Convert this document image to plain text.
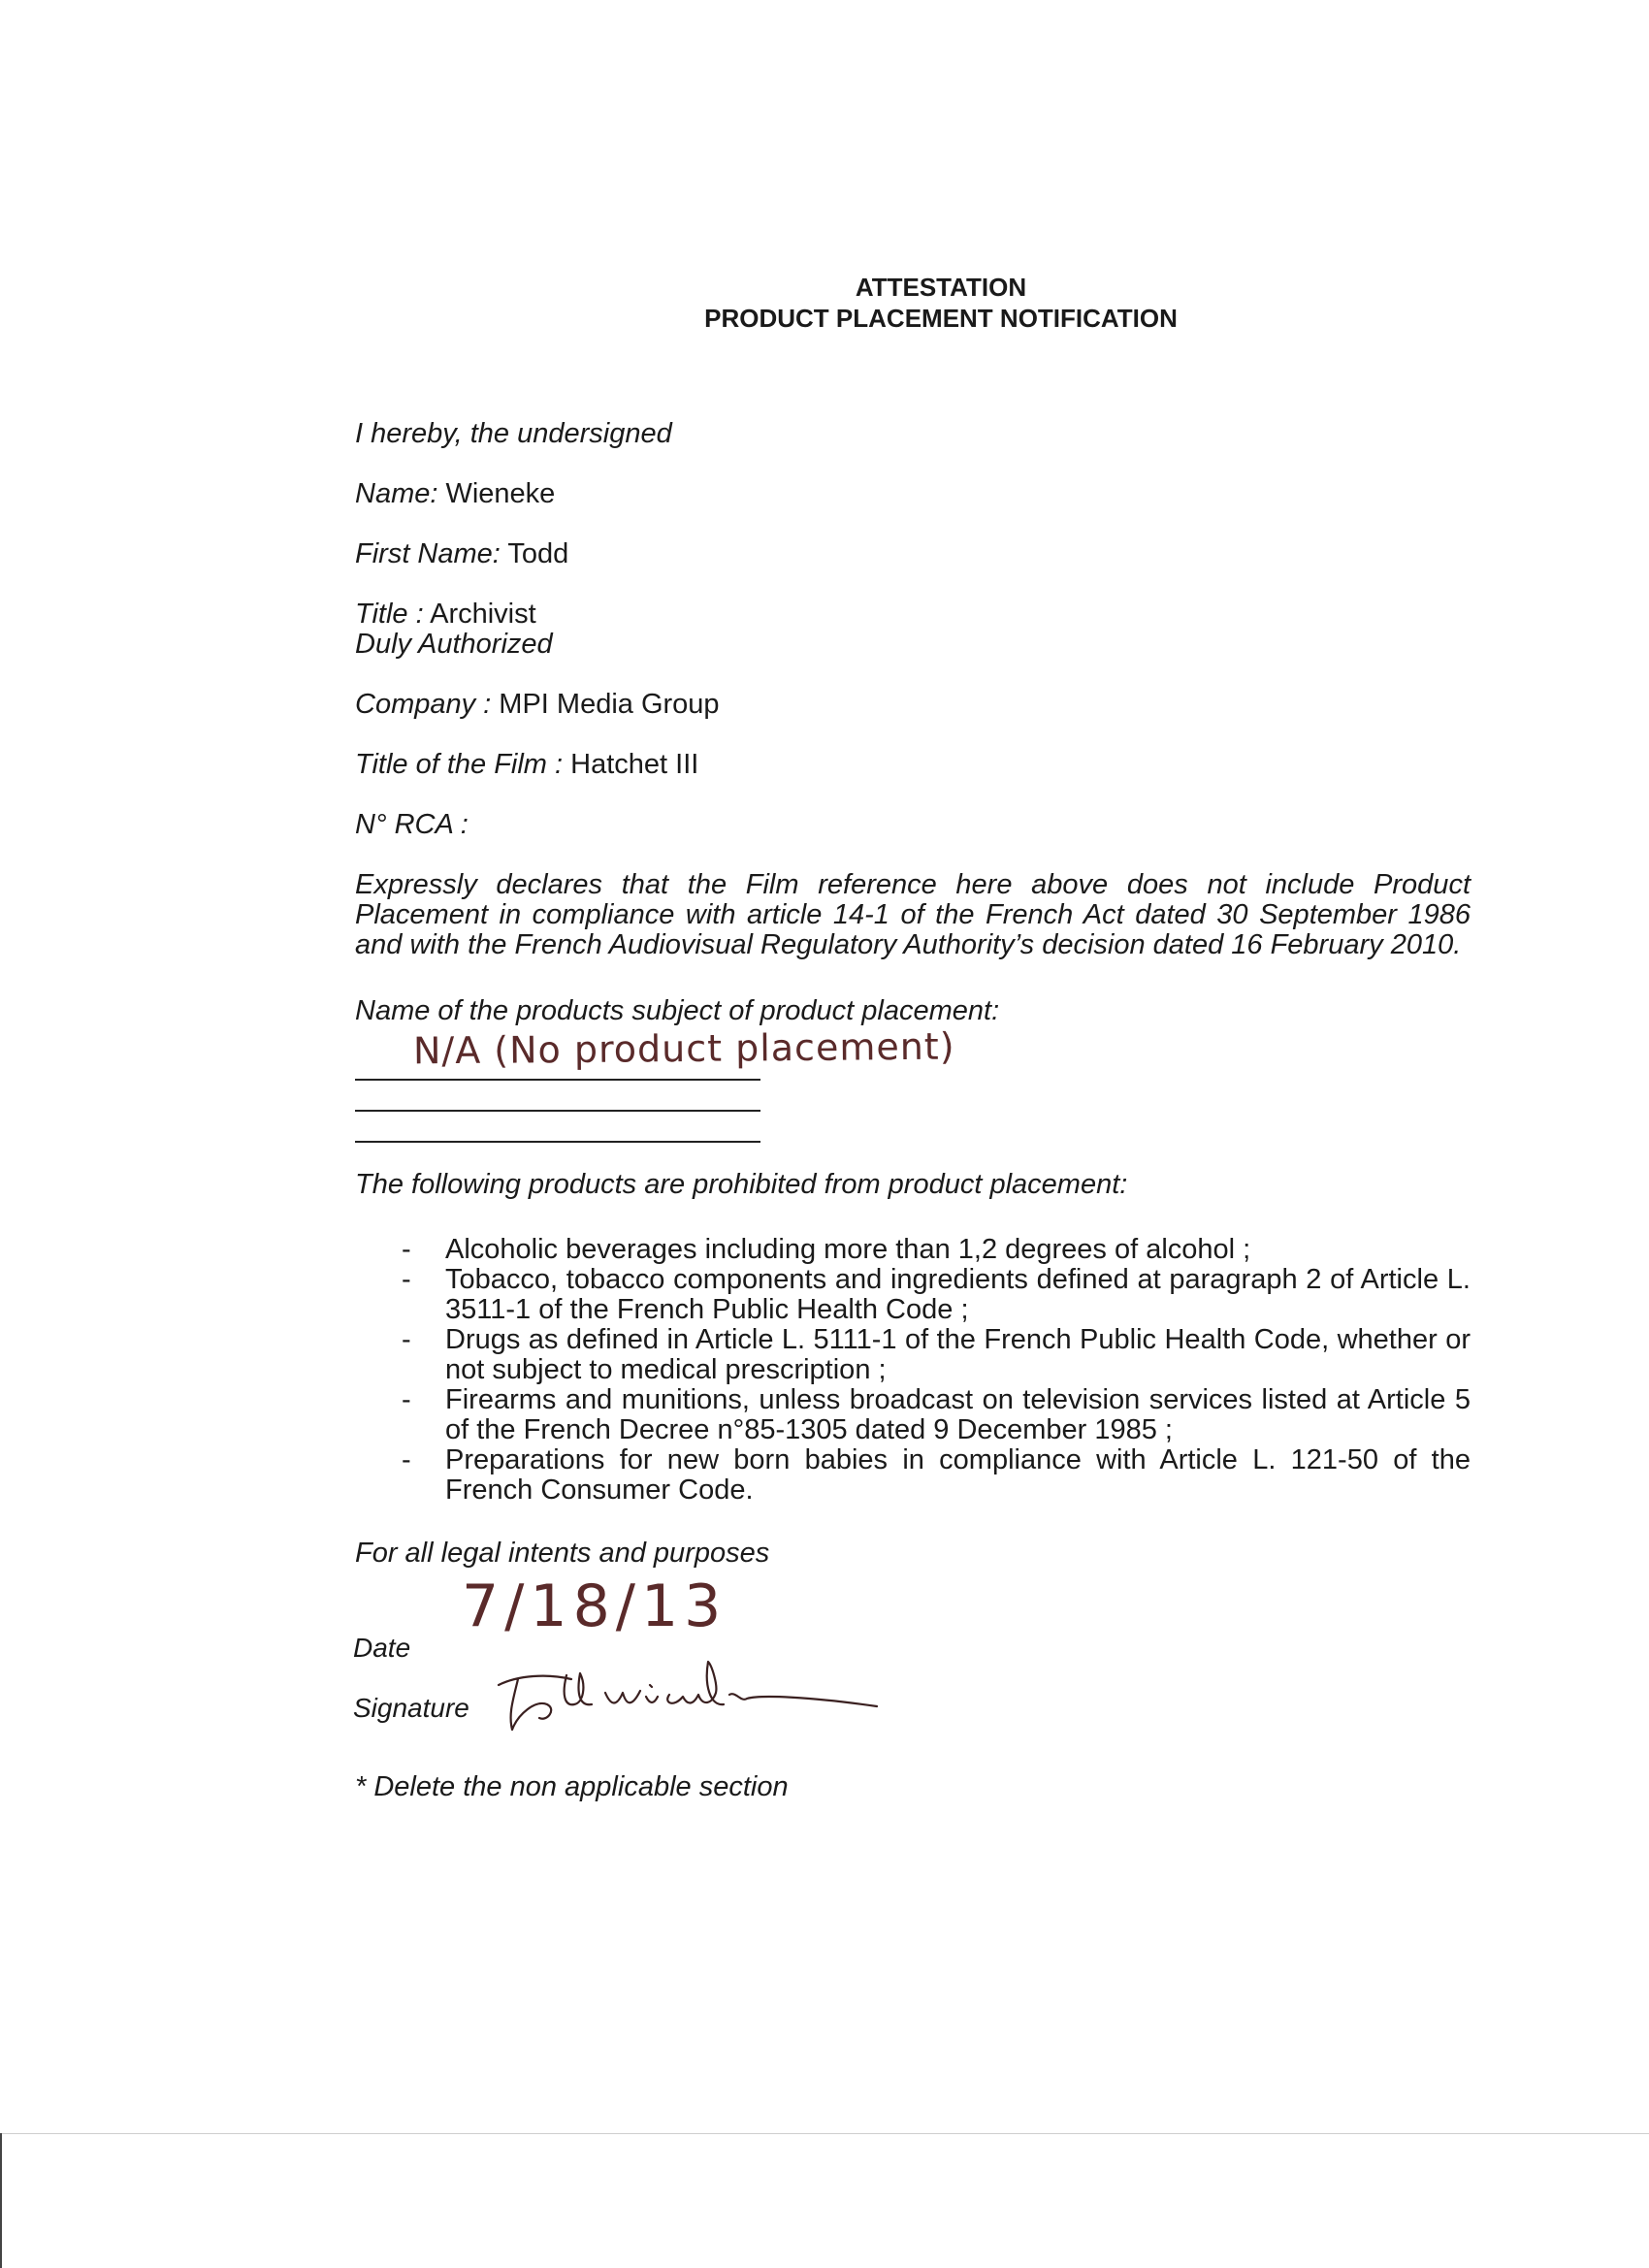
ATTESTATION
PRODUCT PLACEMENT NOTIFICATION

I hereby, the undersigned

Name: Wieneke

First Name: Todd

Title : Archivist

Duly Authorized

Company : MPI Media Group

Title of the Film : Hatchet III

N° RCA :

Expressly declares that the Film reference here above does not include Product Placement in compliance with article 14-1 of the French Act dated 30 September 1986 and with the French Audiovisual Regulatory Authority’s decision dated 16 February 2010.

Name of the products subject of product placement:

N/A (No product placement)

The following products are prohibited from product placement:

- Alcoholic beverages including more than 1,2 degrees of alcohol ;
- Tobacco, tobacco components and ingredients defined at paragraph 2 of Article L. 3511-1 of the French Public Health Code ;
- Drugs as defined in Article L. 5111-1 of the French Public Health Code, whether or not subject to medical prescription ;
- Firearms and munitions, unless broadcast on television services listed at Article 5 of the French Decree n°85-1305 dated 9 December 1985 ;
- Preparations for new born babies in compliance with Article L. 121-50 of the French Consumer Code.

For all legal intents and purposes

Date
7/18/13
Signature

* Delete the non applicable section
